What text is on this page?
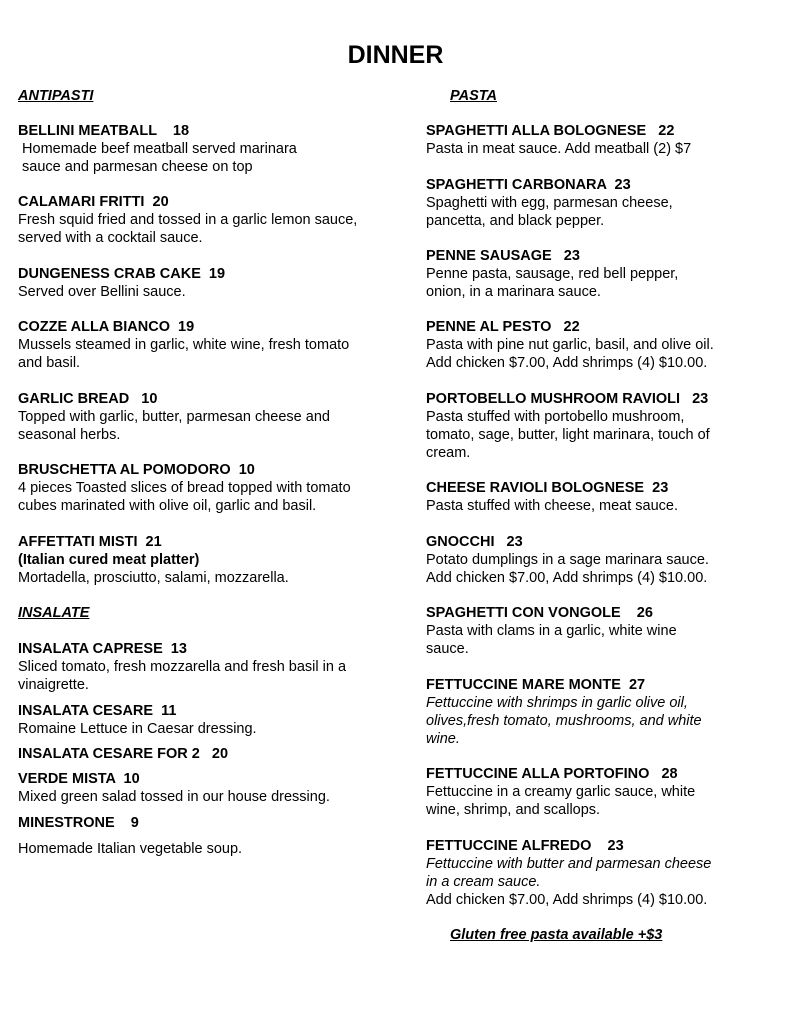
DINNER
ANTIPASTI
BELLINI MEATBALL    18
Homemade beef meatball served marinara
sauce and parmesan cheese on top
CALAMARI FRITTI  20
Fresh squid fried and tossed in a garlic lemon sauce,
served with a cocktail sauce.
DUNGENESS CRAB CAKE  19
Served over Bellini sauce.
COZZE ALLA BIANCO  19
Mussels steamed in garlic, white wine, fresh tomato
and basil.
GARLIC BREAD   10
Topped with garlic, butter, parmesan cheese and
seasonal herbs.
BRUSCHETTA AL POMODORO  10
4 pieces Toasted slices of bread topped with tomato
cubes marinated with olive oil, garlic and basil.
AFFETTATI MISTI  21
(Italian cured meat platter)
Mortadella, prosciutto, salami, mozzarella.
INSALATE
INSALATA CAPRESE  13
Sliced tomato, fresh mozzarella and fresh basil in a
vinaigrette.
INSALATA CESARE  11
Romaine Lettuce in Caesar dressing.
INSALATA CESARE FOR 2   20
VERDE MISTA  10
Mixed green salad tossed in our house dressing.
MINESTRONE    9
Homemade Italian vegetable soup.
PASTA
SPAGHETTI ALLA BOLOGNESE   22
Pasta in meat sauce. Add meatball (2) $7
SPAGHETTI CARBONARA  23
Spaghetti with egg, parmesan cheese,
pancetta, and black pepper.
PENNE SAUSAGE   23
Penne pasta, sausage, red bell pepper,
onion, in a marinara sauce.
PENNE AL PESTO   22
Pasta with pine nut garlic, basil, and olive oil.
Add chicken $7.00, Add shrimps (4) $10.00.
PORTOBELLO MUSHROOM RAVIOLI   23
Pasta stuffed with portobello mushroom,
tomato, sage, butter, light marinara, touch of
cream.
CHEESE RAVIOLI BOLOGNESE  23
Pasta stuffed with cheese, meat sauce.
GNOCCHI   23
Potato dumplings in a sage marinara sauce.
Add chicken $7.00, Add shrimps (4) $10.00.
SPAGHETTI CON VONGOLE    26
Pasta with clams in a garlic, white wine
sauce.
FETTUCCINE MARE MONTE  27
Fettuccine with shrimps in garlic olive oil,
olives,fresh tomato, mushrooms, and white
wine.
FETTUCCINE ALLA PORTOFINO   28
Fettuccine in a creamy garlic sauce, white
wine, shrimp, and scallops.
FETTUCCINE ALFREDO    23
Fettuccine with butter and parmesan cheese
in a cream sauce.
Add chicken $7.00, Add shrimps (4) $10.00.
Gluten free pasta available +$3
